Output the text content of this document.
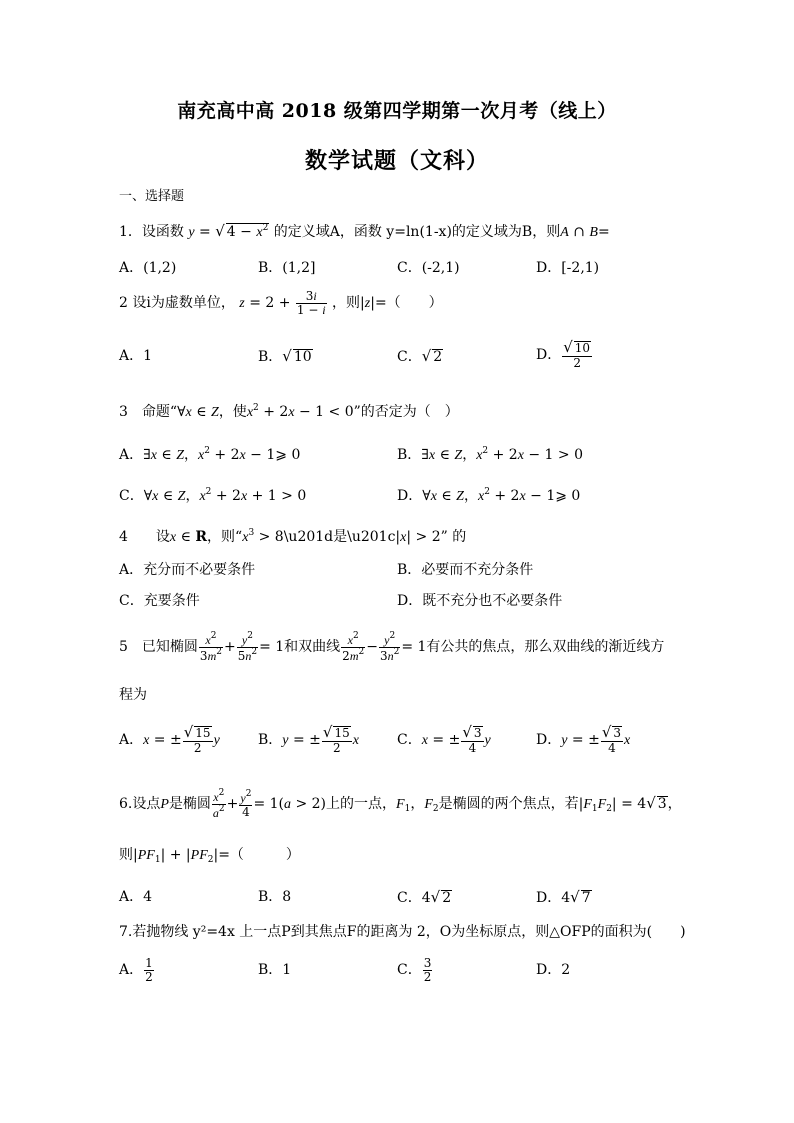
南充高中高 2018 级第四学期第一次月考（线上）
数学试题（文科）
一、选择题
1．设函数 y = √ $4 - x^2$ 的定义域A，函数 y=ln(1-x)的定义域为B，则A ∩ B=
A．(1,2)	B．(1,2]	C．(-2,1)	D．[-2,1)
2 设i为虚数单位， $z = 2 + \frac{3i}{1 - i}$ ，则|z|=（　　）
A．1	B．√ 10	C．√ 2	D． $\frac{√ 10}{2}$
3　命题“∀x ∈ Z，使$x^2 + 2x - 1 < 0$”的否定为（　）
A．∃x ∈ Z，$x^2 + 2x$ − 1⩾ 0	B．∃x ∈ Z，$x^2 + 2x - 1 > 0$
C．∀x ∈ Z，$x^2 + 2x + 1 > 0$	D．∀x ∈ Z，$x^2 + 2x$ − 1⩾ 0
4　　设x ∈ R，则“$x^3$ > 8\u201d是\u201c|x| > 2” 的
A．充分而不必要条件	B．必要而不充分条件
C．充要条件	D．既不充分也不必要条件
5　已知椭圆 $\frac{x^2}{3m^2} + \frac{y^2}{5n^2} = 1$和双曲线 $\frac{x^2}{2m^2} - \frac{y^2}{3n^2} = 1$有公共的焦点，那么双曲线的渐近线方
程为
A．x = ± $\frac{√ 15}{2}$ y	B．y = ± $\frac{√ 15}{2}$ x	C．x = ± $\frac{√ 3}{4}$ y	D．y = ± $\frac{√ 3}{4}$ x
6.设点P是椭圆 $\frac{x^2}{a^2} + \frac{y^2}{4} = 1(a > 2)$上的一点，$F_1$，$F_2$是椭圆的两个焦点，若$|F_1F_2| = 4√$ 3，
则$|PF_1| + |PF_2|=$（　　　）
A．4	B．8	C．4√ 2	D．4√ 7
7.若抛物线 y²=4x 上一点P到其焦点F的距离为 2，O为坐标原点，则△OFP的面积为(　　)
A． $\frac{1}{2}$	B．1	C． $\frac{3}{2}$	D．2
